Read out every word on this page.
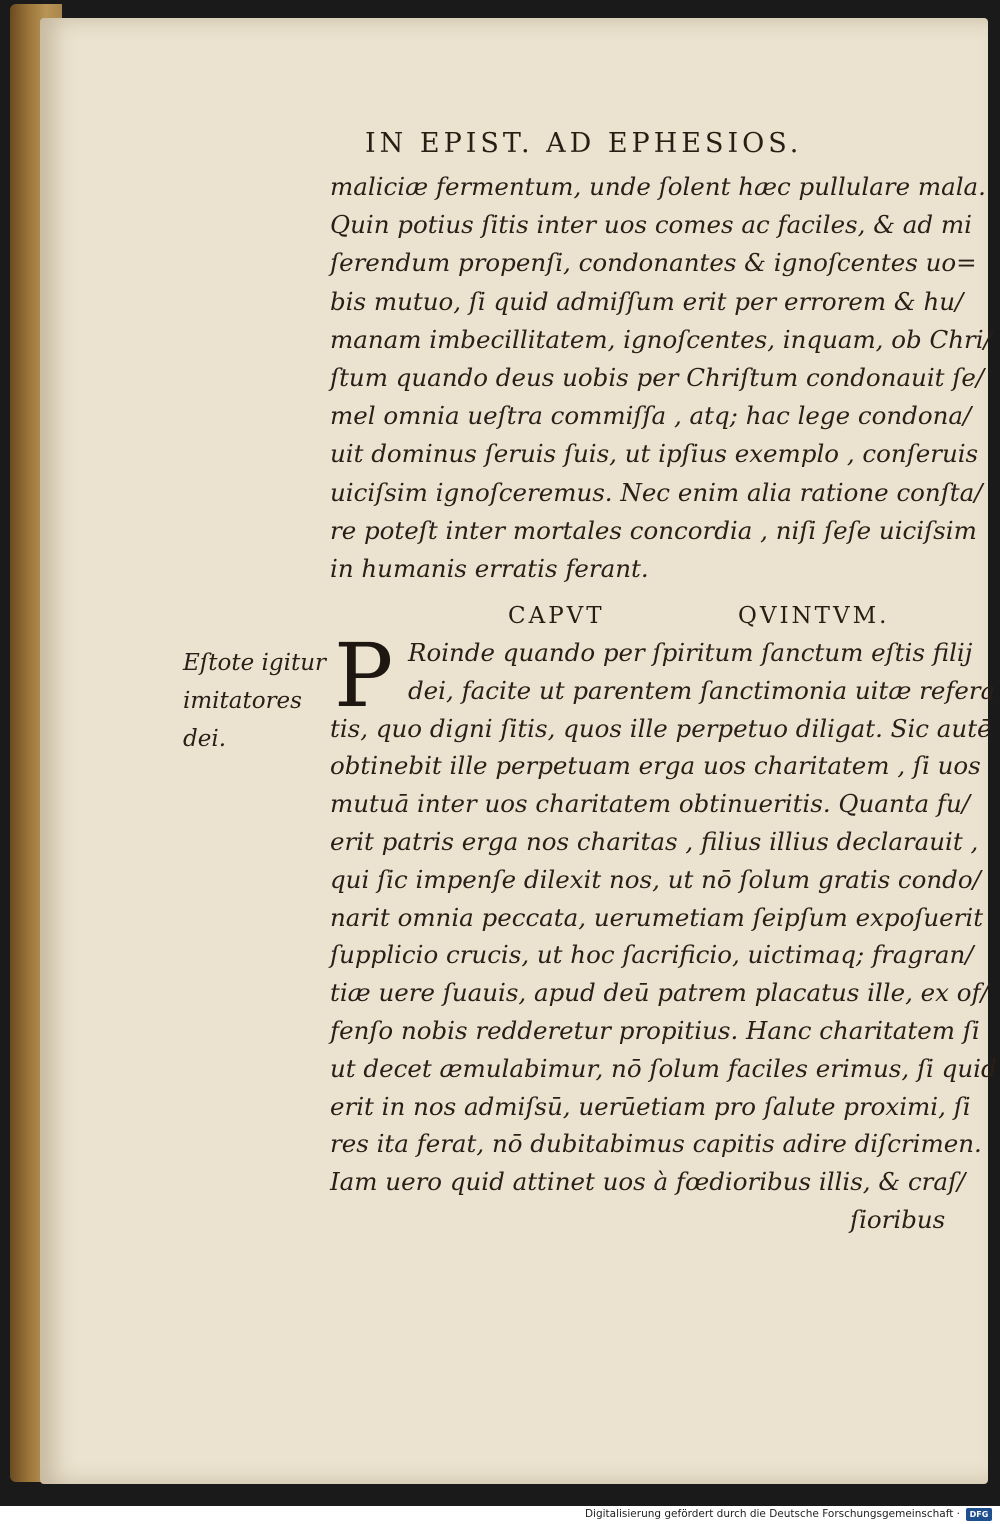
IN EPIST. AD EPHESIOS.
maliciæ fermentum, unde ſolent hæc pullulare mala.
Quin potius ſitis inter uos comes ac faciles, & ad mi
ſerendum propenſi, condonantes & ignoſcentes uo=
bis mutuo, ſi quid admiſſum erit per errorem & hu/
manam imbecillitatem, ignoſcentes, inquam, ob Chri/
ſtum quando deus uobis per Chriſtum condonauit ſe/
mel omnia ueſtra commiſſa , atq; hac lege condona/
uit dominus ſeruis ſuis, ut ipſius exemplo , conſeruis
uiciſsim ignoſceremus. Nec enim alia ratione conſta/
re poteſt inter mortales concordia , niſi ſeſe uiciſsim
in humanis erratis ferant.
CAPVT	QVINTVM.
P
Eſtote igitur
imitatores
dei.
Roinde quando per ſpiritum ſanctum eſtis filij
dei, facite ut parentem ſanctimonia uitæ refera
tis, quo digni ſitis, quos ille perpetuo diligat. Sic autē
obtinebit ille perpetuam erga uos charitatem , ſi uos
mutuā inter uos charitatem obtinueritis. Quanta fu/
erit patris erga nos charitas , filius illius declarauit ,
qui ſic impenſe dilexit nos, ut nō ſolum gratis condo/
narit omnia peccata, uerumetiam ſeipſum expoſuerit
ſupplicio crucis, ut hoc ſacrificio, uictimaq; fragran/
tiæ uere ſuauis, apud deū patrem placatus ille, ex of/
fenſo nobis redderetur propitius. Hanc charitatem ſi
ut decet æmulabimur, nō ſolum faciles erimus, ſi quid
erit in nos admiſsū, uerūetiam pro ſalute proximi, ſi
res ita ferat, nō dubitabimus capitis adire diſcrimen.
Iam uero quid attinet uos à fœdioribus illis, & craſ/
ſioribus
Digitalisierung gefördert durch die Deutsche Forschungsgemeinschaft ·	DFG
